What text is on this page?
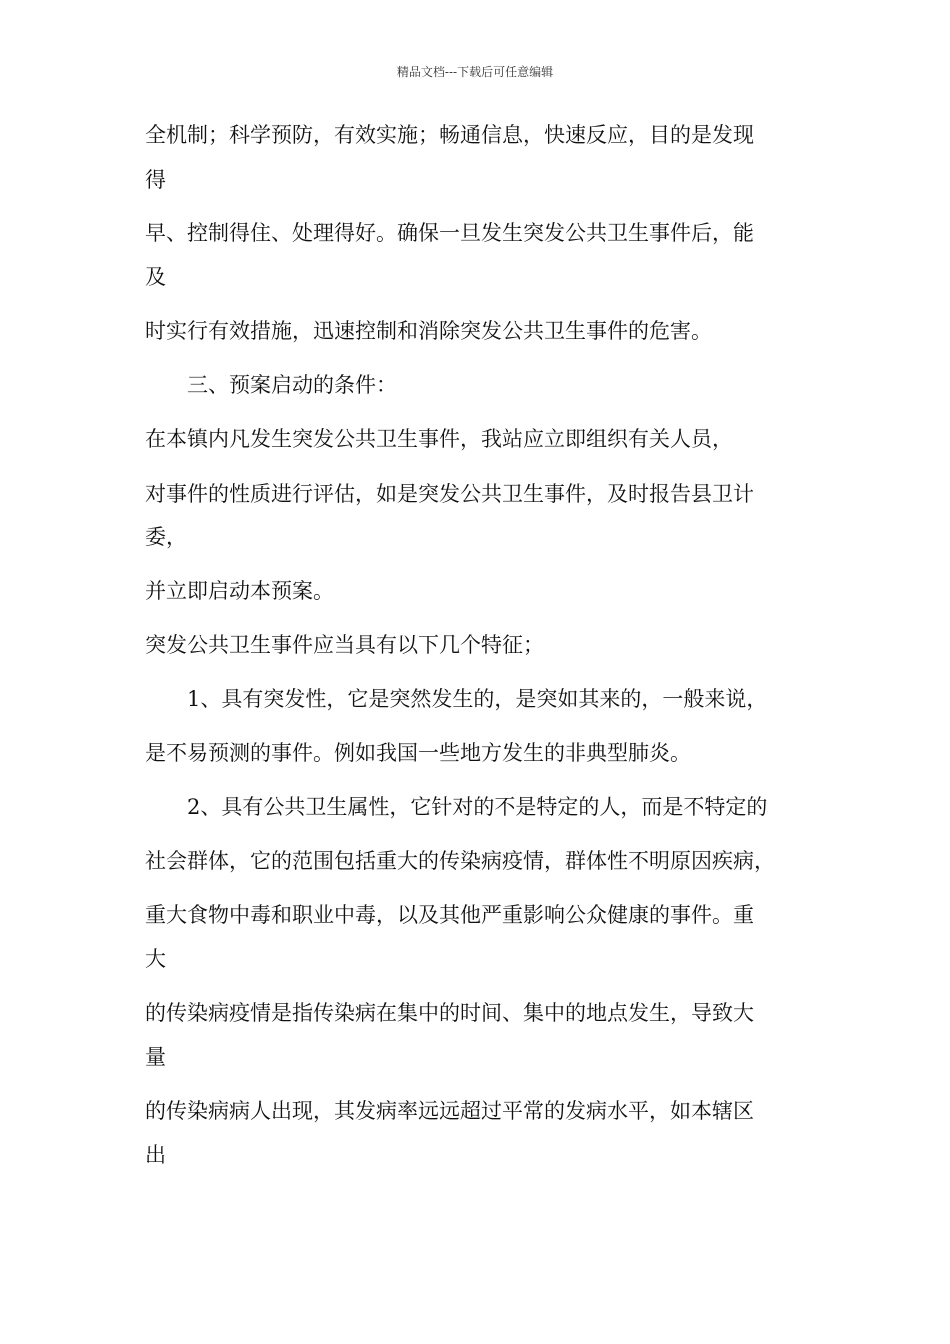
精品文档---下载后可任意编辑
全机制；科学预防，有效实施；畅通信息，快速反应，目的是发现
得
早、控制得住、处理得好。确保一旦发生突发公共卫生事件后，能
及
时实行有效措施，迅速控制和消除突发公共卫生事件的危害。
三、预案启动的条件：
在本镇内凡发生突发公共卫生事件，我站应立即组织有关人员，
对事件的性质进行评估，如是突发公共卫生事件，及时报告县卫计
委，
并立即启动本预案。
突发公共卫生事件应当具有以下几个特征；
1、具有突发性，它是突然发生的，是突如其来的，一般来说，
是不易预测的事件。例如我国一些地方发生的非典型肺炎。
2、具有公共卫生属性，它针对的不是特定的人，而是不特定的
社会群体，它的范围包括重大的传染病疫情，群体性不明原因疾病，
重大食物中毒和职业中毒，以及其他严重影响公众健康的事件。重
大
的传染病疫情是指传染病在集中的时间、集中的地点发生，导致大
量
的传染病病人出现，其发病率远远超过平常的发病水平，如本辖区
出
